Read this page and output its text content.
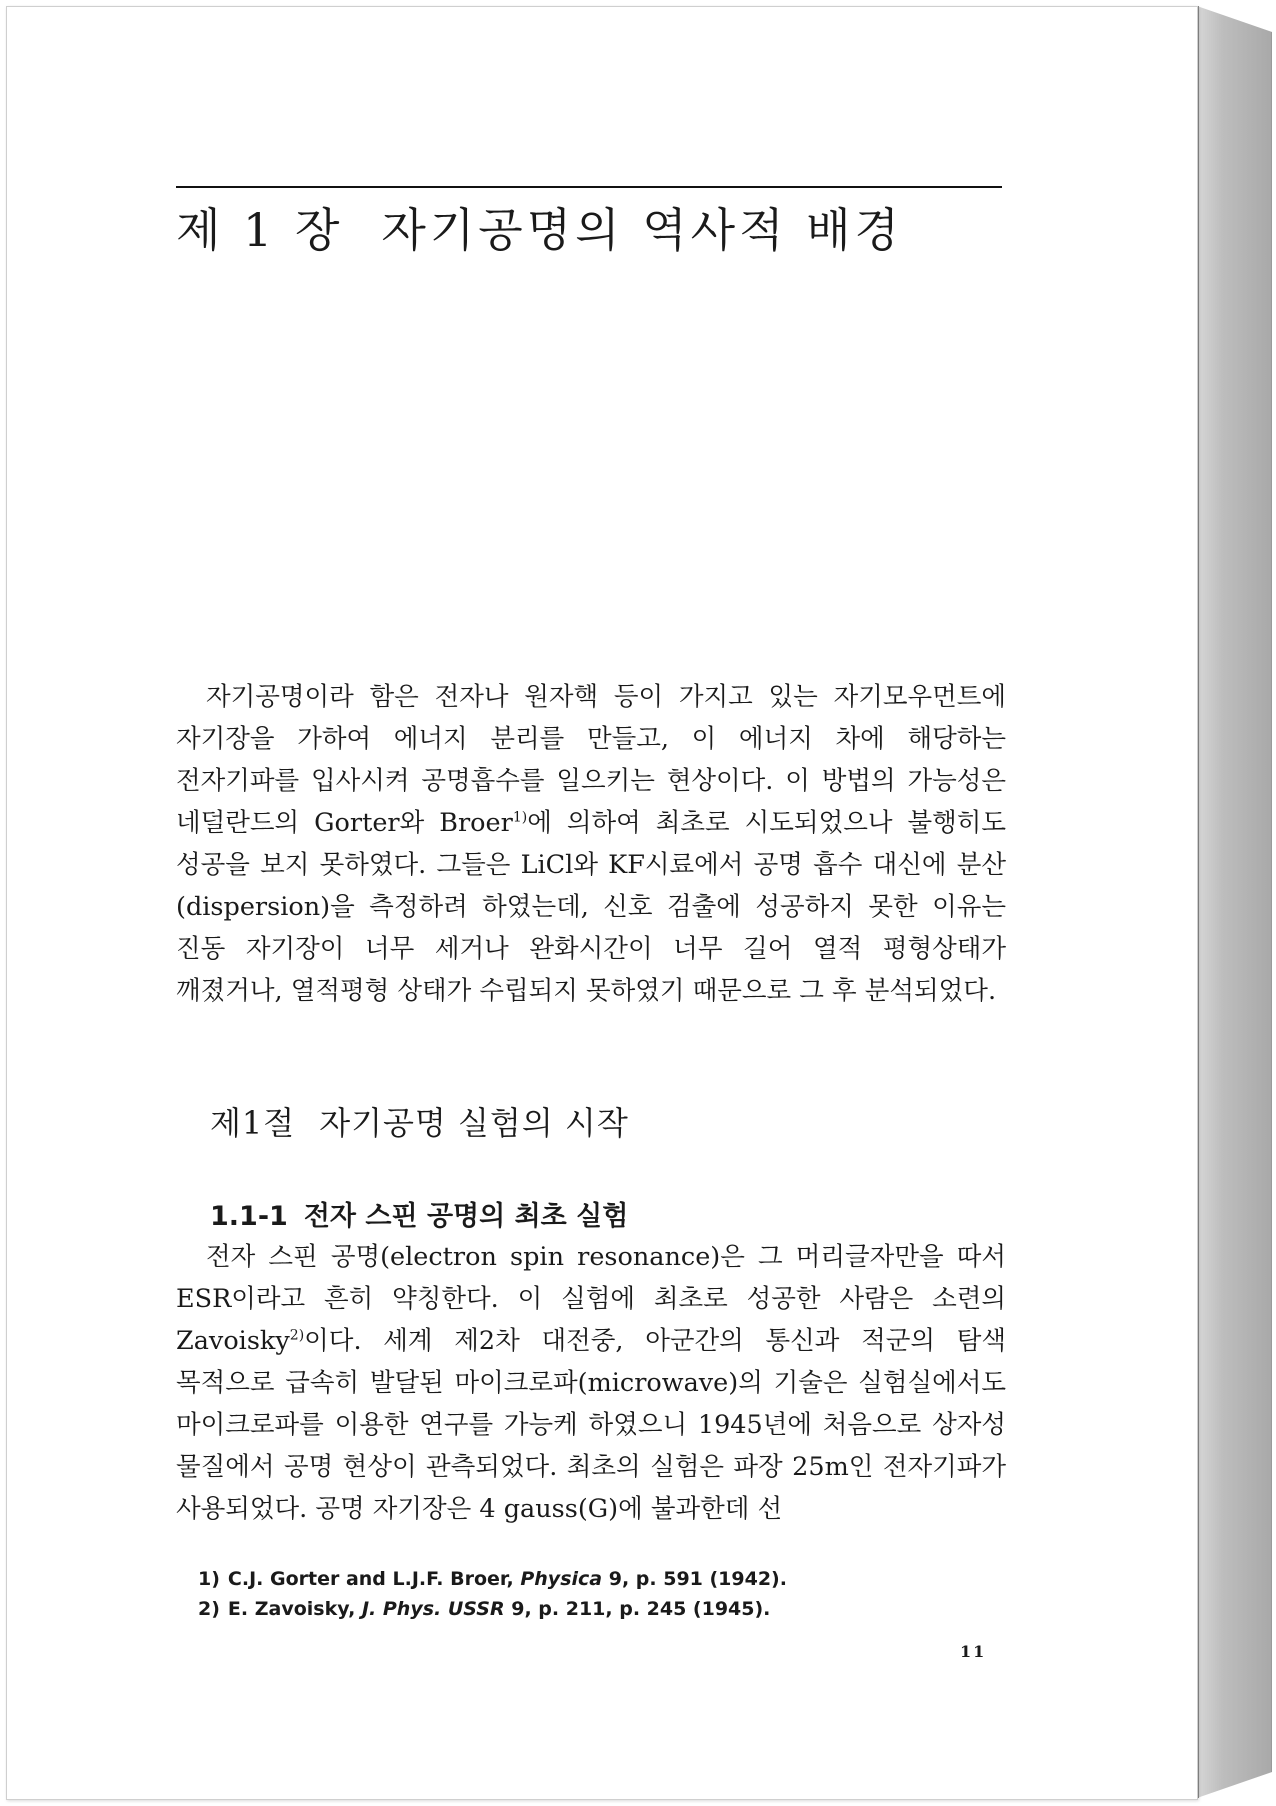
제 1 장 자기공명의 역사적 배경

자기공명이라 함은 전자나 원자핵 등이 가지고 있는 자기모우먼트에 자기장을 가하여 에너지 분리를 만들고, 이 에너지 차에 해당하는 전자기파를 입사시켜 공명흡수를 일으키는 현상이다. 이 방법의 가능성은 네덜란드의 Gorter와 Broer$^{1)}$에 의하여 최초로 시도되었으나 불행히도 성공을 보지 못하였다. 그들은 LiCl와 KF시료에서 공명 흡수 대신에 분산(dispersion)을 측정하려 하였는데, 신호 검출에 성공하지 못한 이유는 진동 자기장이 너무 세거나 완화시간이 너무 길어 열적 평형상태가 깨졌거나, 열적평형 상태가 수립되지 못하였기 때문으로 그 후 분석되었다.

제1절 자기공명 실험의 시작
1.1-1 전자 스핀 공명의 최초 실험

전자 스핀 공명(electron spin resonance)은 그 머리글자만을 따서 ESR이라고 흔히 약칭한다. 이 실험에 최초로 성공한 사람은 소련의 Zavoisky$^{2)}$이다. 세계 제2차 대전중, 아군간의 통신과 적군의 탐색 목적으로 급속히 발달된 마이크로파(microwave)의 기술은 실험실에서도 마이크로파를 이용한 연구를 가능케 하였으니 1945년에 처음으로 상자성 물질에서 공명 현상이 관측되었다. 최초의 실험은 파장 25m인 전자기파가 사용되었다. 공명 자기장은 4 gauss(G)에 불과한데 선

1) C.J. Gorter and L.J.F. Broer, Physica 9, p. 591 (1942).
2) E. Zavoisky, J. Phys. USSR 9, p. 211, p. 245 (1945).
11
